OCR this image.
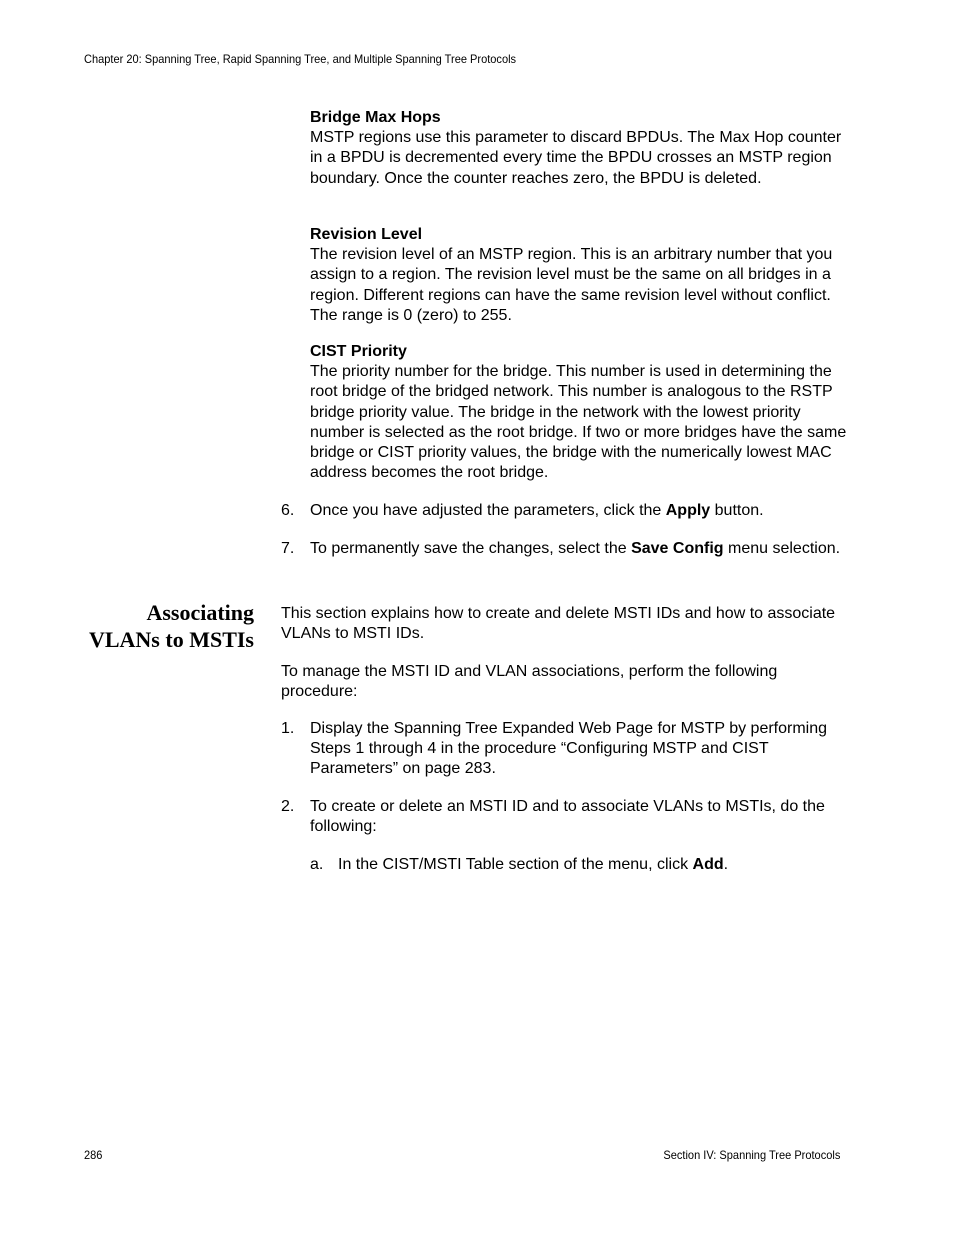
Chapter 20: Spanning Tree, Rapid Spanning Tree, and Multiple Spanning Tree Protocols
Bridge Max Hops

MSTP regions use this parameter to discard BPDUs. The Max Hop counter in a BPDU is decremented every time the BPDU crosses an MSTP region boundary. Once the counter reaches zero, the BPDU is deleted.

Revision Level

The revision level of an MSTP region. This is an arbitrary number that you assign to a region. The revision level must be the same on all bridges in a region. Different regions can have the same revision level without conflict. The range is 0 (zero) to 255.

CIST Priority

The priority number for the bridge. This number is used in determining the root bridge of the bridged network. This number is analogous to the RSTP bridge priority value. The bridge in the network with the lowest priority number is selected as the root bridge. If two or more bridges have the same bridge or CIST priority values, the bridge with the numerically lowest MAC address becomes the root bridge.

6. Once you have adjusted the parameters, click the Apply button.
7. To permanently save the changes, select the Save Config menu selection.
Associating
VLANs to MSTIs

This section explains how to create and delete MSTI IDs and how to associate VLANs to MSTI IDs.

To manage the MSTI ID and VLAN associations, perform the following procedure:

1. Display the Spanning Tree Expanded Web Page for MSTP by performing Steps 1 through 4 in the procedure “Configuring MSTP and CIST Parameters” on page 283.
2. To create or delete an MSTI ID and to associate VLANs to MSTIs, do the following:
a. In the CIST/MSTI Table section of the menu, click Add.
286	Section IV: Spanning Tree Protocols
